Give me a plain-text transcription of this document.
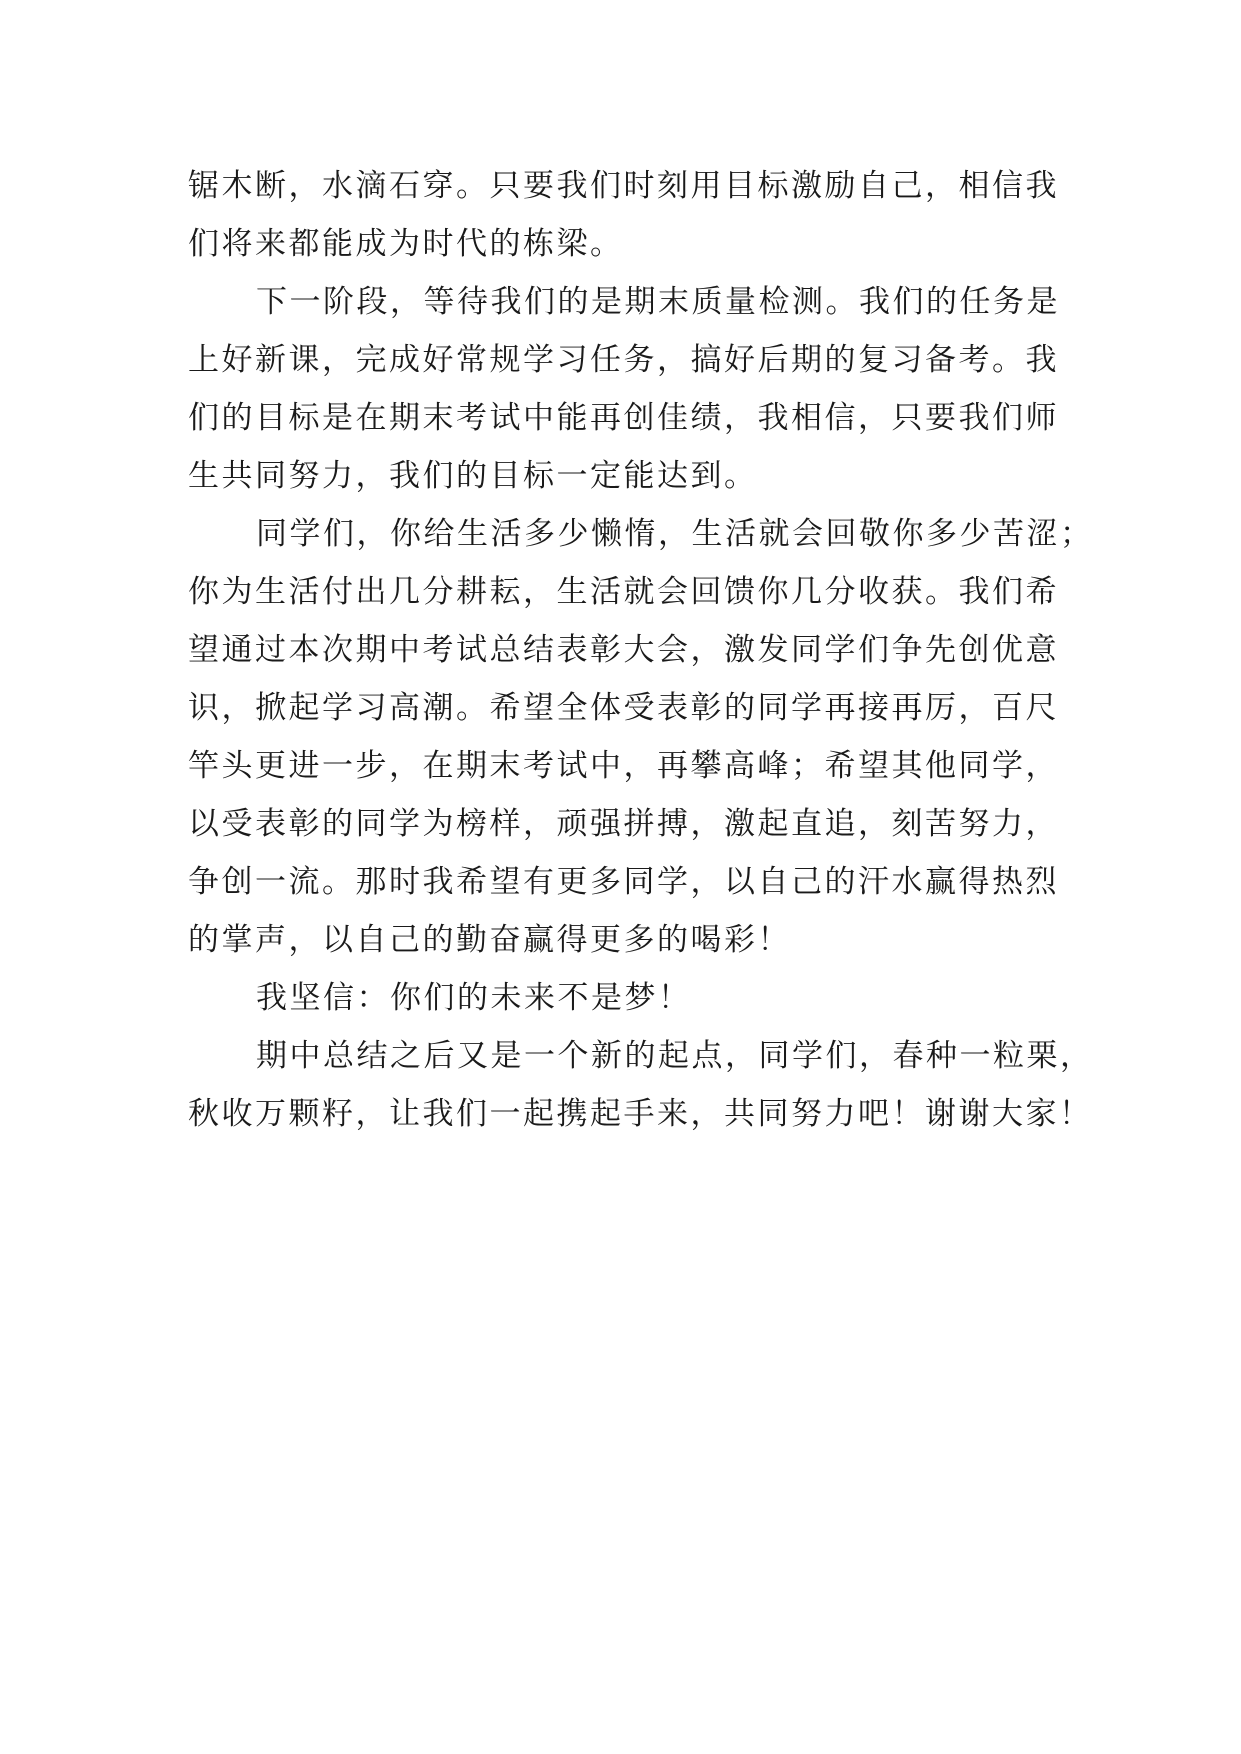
锯木断，水滴石穿。只要我们时刻用目标激励自己，相信我
们将来都能成为时代的栋梁。
下一阶段，等待我们的是期末质量检测。我们的任务是
上好新课，完成好常规学习任务，搞好后期的复习备考。我
们的目标是在期末考试中能再创佳绩，我相信，只要我们师
生共同努力，我们的目标一定能达到。
同学们，你给生活多少懒惰，生活就会回敬你多少苦涩；
你为生活付出几分耕耘，生活就会回馈你几分收获。我们希
望通过本次期中考试总结表彰大会，激发同学们争先创优意
识，掀起学习高潮。希望全体受表彰的同学再接再厉，百尺
竿头更进一步，在期末考试中，再攀高峰；希望其他同学，
以受表彰的同学为榜样，顽强拼搏，激起直追，刻苦努力，
争创一流。那时我希望有更多同学，以自己的汗水赢得热烈
的掌声，以自己的勤奋赢得更多的喝彩！
我坚信：你们的未来不是梦！
期中总结之后又是一个新的起点，同学们，春种一粒栗，
秋收万颗籽，让我们一起携起手来，共同努力吧！谢谢大家！
